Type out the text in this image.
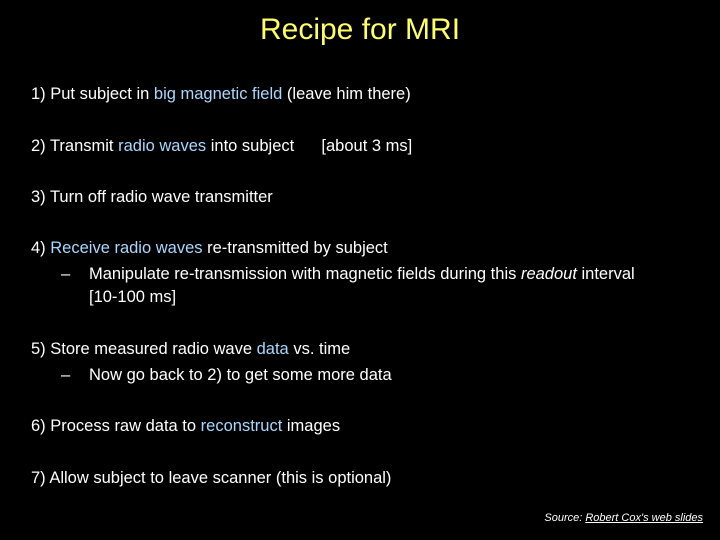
Recipe for MRI
1) Put subject in big magnetic field (leave him there)
2) Transmit radio waves into subject [about 3 ms]
3) Turn off radio wave transmitter
4) Receive radio waves re-transmitted by subject
– Manipulate re-transmission with magnetic fields during this readout interval
[10-100 ms]
5) Store measured radio wave data vs. time
– Now go back to 2) to get some more data
6) Process raw data to reconstruct images
7) Allow subject to leave scanner (this is optional)
Source: Robert Cox's web slides
